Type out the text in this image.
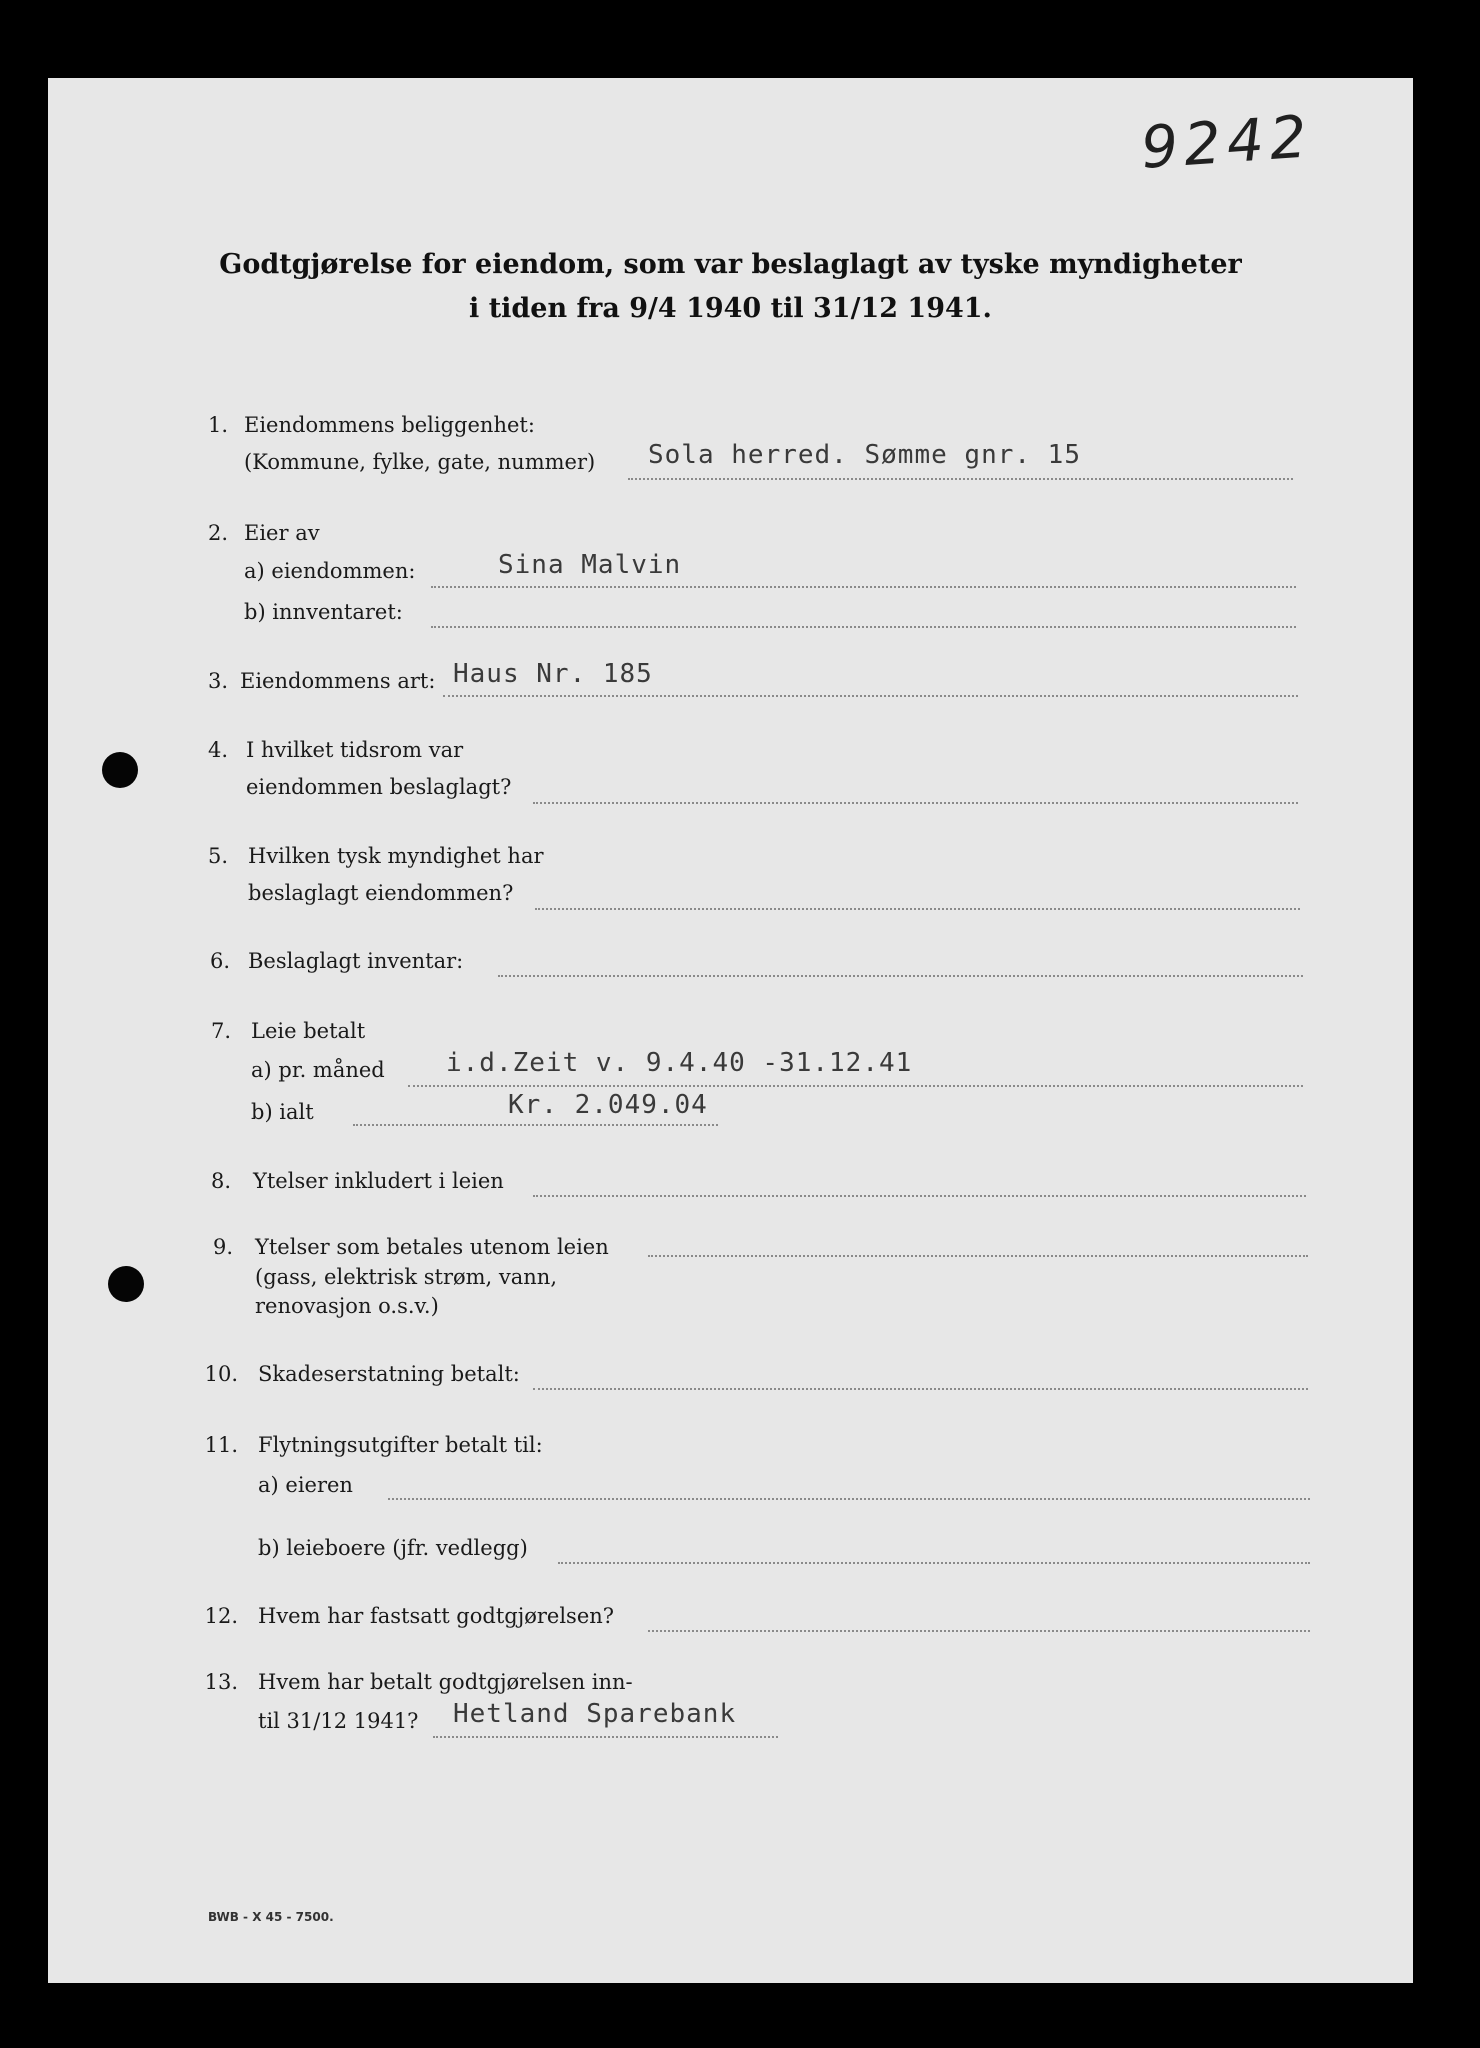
9242
Godtgjørelse for eiendom, som var beslaglagt av tyske myndigheter
i tiden fra 9/4 1940 til 31/12 1941.
1. Eiendommens beliggenhet:
(Kommune, fylke, gate, nummer) Sola herred. Sømme gnr. 15
2. Eier av
a) eiendommen:	Sina Malvin
b) innventaret:
3. Eiendommens art: Haus Nr. 185
4. I hvilket tidsrom var
eiendommen beslaglagt?
5. Hvilken tysk myndighet har
beslaglagt eiendommen?
6. Beslaglagt inventar:
7. Leie betalt
a) pr. måned i.d.Zeit v. 9.4.40 -31.12.41
b) ialt	Kr. 2.049.04
8. Ytelser inkludert i leien
9. Ytelser som betales utenom leien
(gass, elektrisk strøm, vann,
renovasjon o.s.v.)
10. Skadeserstatning betalt:
11. Flytningsutgifter betalt til:
a) eieren
b) leieboere (jfr. vedlegg)
12. Hvem har fastsatt godtgjørelsen?
13. Hvem har betalt godtgjørelsen inn-
til 31/12 1941? Hetland Sparebank
BWB - X 45 - 7500.
